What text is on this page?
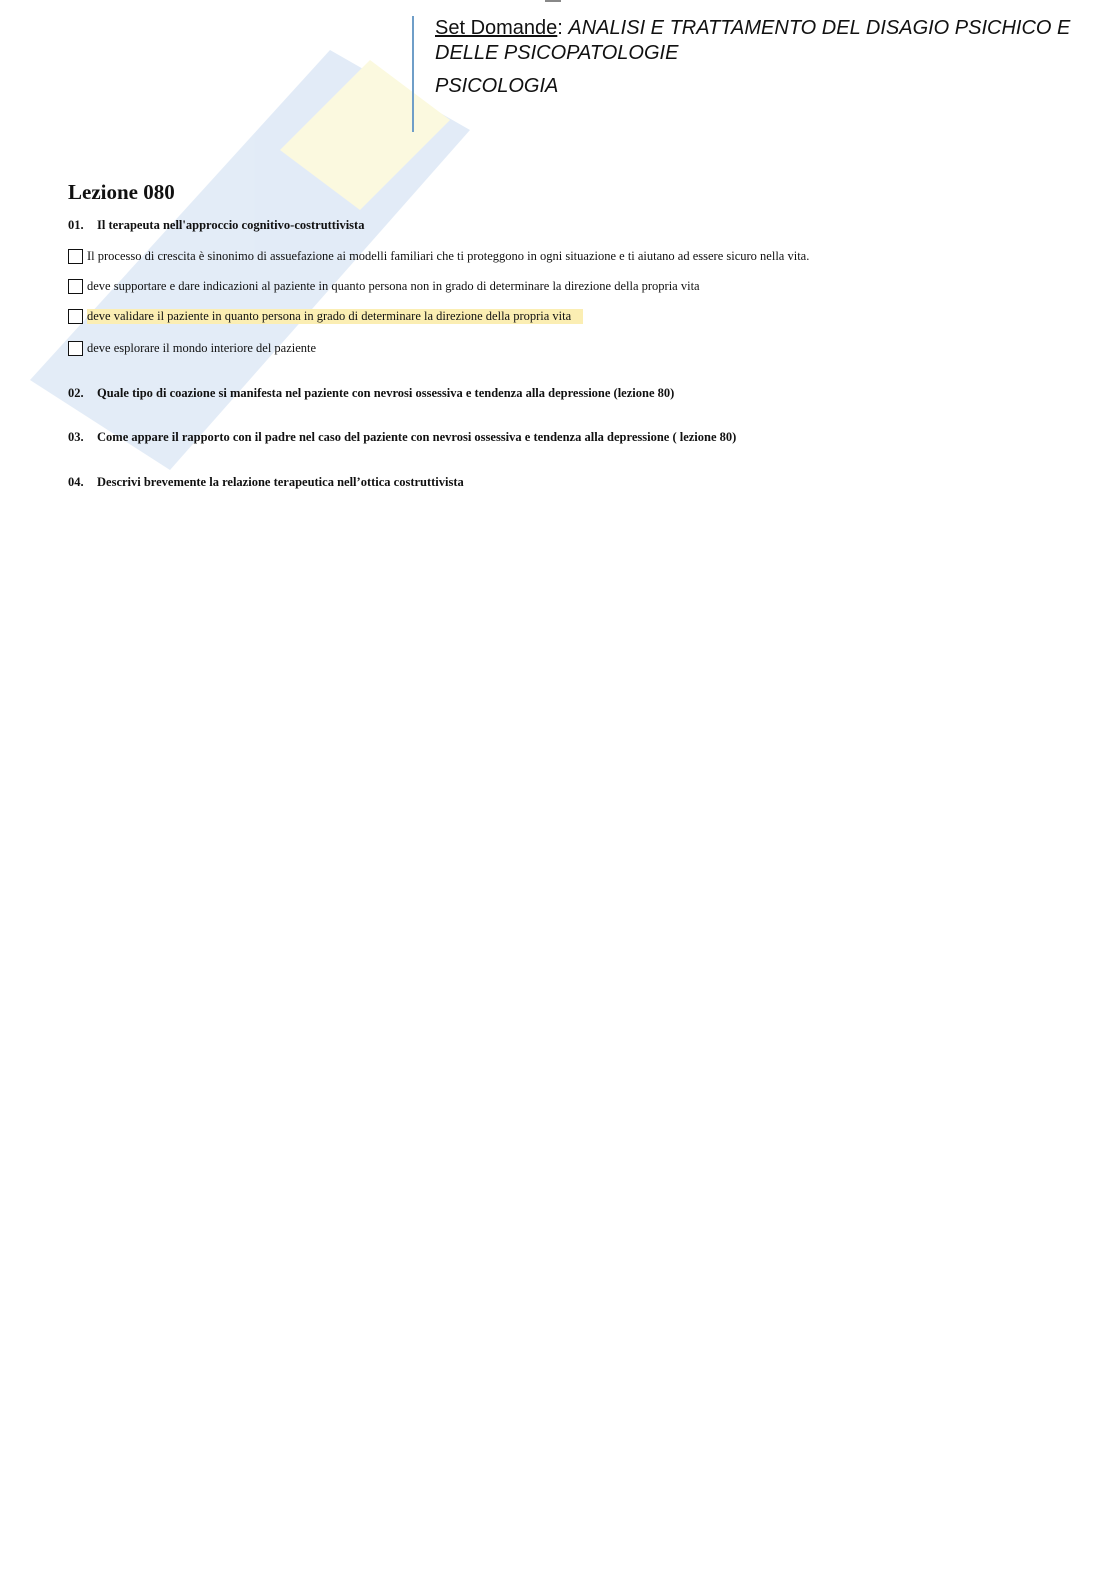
Set Domande: ANALISI E TRATTAMENTO DEL DISAGIO PSICHICO E DELLE PSICOPATOLOGIE
PSICOLOGIA
Lezione 080
01. Il terapeuta nell'approccio cognitivo-costruttivista
Il processo di crescita è sinonimo di assuefazione ai modelli familiari che ti proteggono in ogni situazione e ti aiutano ad essere sicuro nella vita.
deve supportare e dare indicazioni al paziente in quanto persona non in grado di determinare la direzione della propria vita
deve validare il paziente in quanto persona in grado di determinare la direzione della propria vita
deve esplorare il mondo interiore del paziente
02. Quale tipo di coazione si manifesta nel paziente con nevrosi ossessiva e tendenza alla depressione (lezione 80)
03. Come appare il rapporto con il padre nel caso del paziente con nevrosi ossessiva e tendenza alla depressione ( lezione 80)
04. Descrivi brevemente la relazione terapeutica nell’ottica costruttivista
